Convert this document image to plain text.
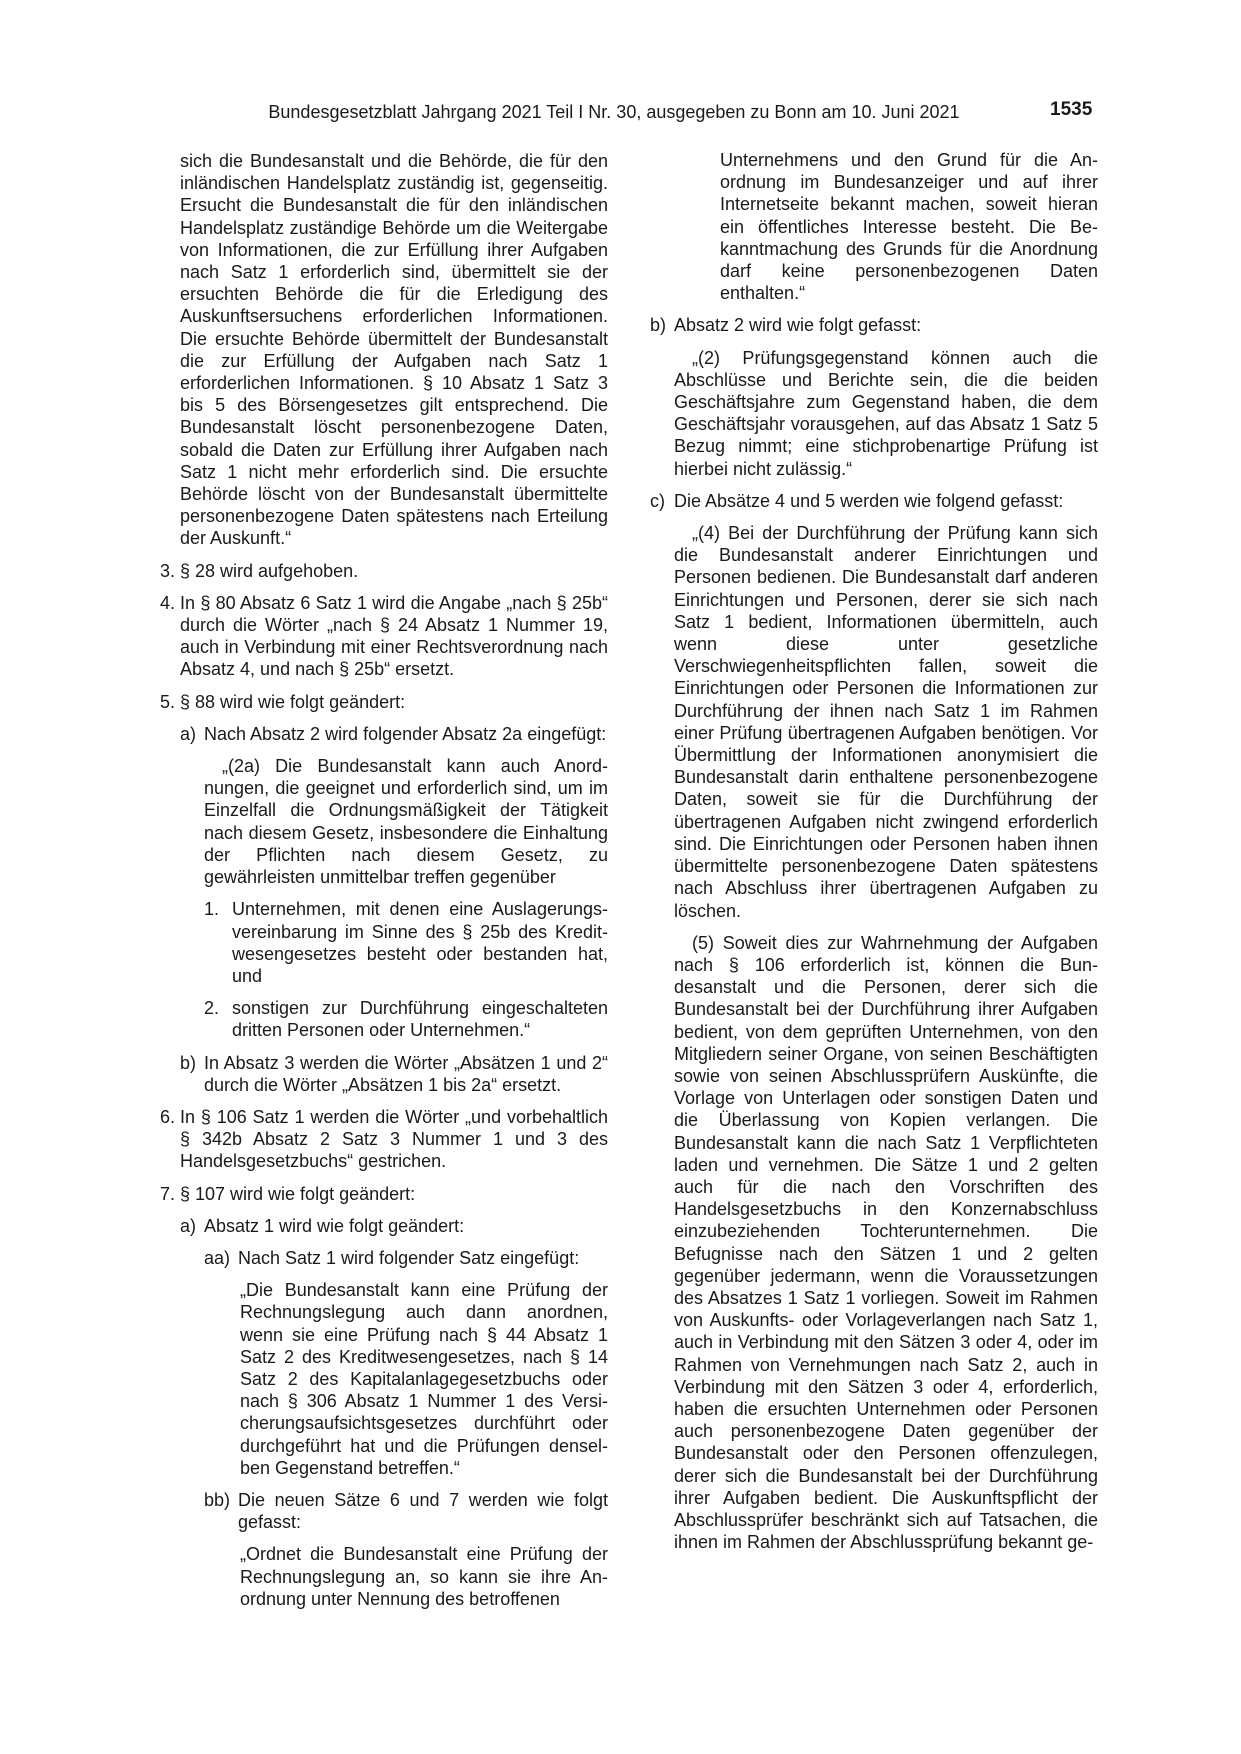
Bundesgesetzblatt Jahrgang 2021 Teil I Nr. 30, ausgegeben zu Bonn am 10. Juni 2021	1535

sich die Bundesanstalt und die Behörde, die für den inländischen Handelsplatz zuständig ist, gegenseitig. Ersucht die Bundesanstalt die für den inländischen Handelsplatz zuständige Behörde um die Weitergabe von Informationen, die zur Erfüllung ihrer Aufgaben nach Satz 1 erforderlich sind, übermittelt sie der ersuchten Behörde die für die Erledigung des Auskunftsersuchens erforderlichen Informationen. Die ersuchte Behörde übermittelt der Bundesanstalt die zur Erfüllung der Aufgaben nach Satz 1 erforderlichen Informationen. § 10 Absatz 1 Satz 3 bis 5 des Börsengesetzes gilt entsprechend. Die Bundesanstalt löscht personenbezogene Daten, sobald die Daten zur Erfüllung ihrer Aufgaben nach Satz 1 nicht mehr erforderlich sind. Die ersuchte Behörde löscht von der Bundesanstalt übermittelte personenbezogene Daten spätestens nach Erteilung der Auskunft.“

3. § 28 wird aufgehoben.
4. In § 80 Absatz 6 Satz 1 wird die Angabe „nach § 25b“ durch die Wörter „nach § 24 Absatz 1 Nummer 19, auch in Verbindung mit einer Rechtsverordnung nach Absatz 4, und nach § 25b“ ersetzt.
5. § 88 wird wie folgt geändert:
a) Nach Absatz 2 wird folgender Absatz 2a eingefügt:

„(2a) Die Bundesanstalt kann auch Anordnungen, die geeignet und erforderlich sind, um im Einzelfall die Ordnungsmäßigkeit der Tätigkeit nach diesem Gesetz, insbesondere die Einhaltung der Pflichten nach diesem Gesetz, zu gewährleisten unmittelbar treffen gegenüber

1. Unternehmen, mit denen eine Auslagerungsvereinbarung im Sinne des § 25b des Kreditwesengesetzes besteht oder bestanden hat, und
2. sonstigen zur Durchführung eingeschalteten dritten Personen oder Unternehmen.“
b) In Absatz 3 werden die Wörter „Absätzen 1 und 2“ durch die Wörter „Absätzen 1 bis 2a“ ersetzt.
6. In § 106 Satz 1 werden die Wörter „und vorbehaltlich § 342b Absatz 2 Satz 3 Nummer 1 und 3 des Handelsgesetzbuchs“ gestrichen.
7. § 107 wird wie folgt geändert:
a) Absatz 1 wird wie folgt geändert:
aa) Nach Satz 1 wird folgender Satz eingefügt:

„Die Bundesanstalt kann eine Prüfung der Rechnungslegung auch dann anordnen, wenn sie eine Prüfung nach § 44 Absatz 1 Satz 2 des Kreditwesengesetzes, nach § 14 Satz 2 des Kapitalanlagegesetzbuchs oder nach § 306 Absatz 1 Nummer 1 des Versicherungsaufsichtsgesetzes durchführt oder durchgeführt hat und die Prüfungen denselben Gegenstand betreffen.“

bb) Die neuen Sätze 6 und 7 werden wie folgt gefasst:

„Ordnet die Bundesanstalt eine Prüfung der Rechnungslegung an, so kann sie ihre Anordnung unter Nennung des betroffenen

Unternehmens und den Grund für die Anordnung im Bundesanzeiger und auf ihrer Internetseite bekannt machen, soweit hieran ein öffentliches Interesse besteht. Die Bekanntmachung des Grunds für die Anordnung darf keine personenbezogenen Daten enthalten.“

b) Absatz 2 wird wie folgt gefasst:

„(2) Prüfungsgegenstand können auch die Abschlüsse und Berichte sein, die die beiden Geschäftsjahre zum Gegenstand haben, die dem Geschäftsjahr vorausgehen, auf das Absatz 1 Satz 5 Bezug nimmt; eine stichprobenartige Prüfung ist hierbei nicht zulässig.“

c) Die Absätze 4 und 5 werden wie folgend gefasst:

„(4) Bei der Durchführung der Prüfung kann sich die Bundesanstalt anderer Einrichtungen und Personen bedienen. Die Bundesanstalt darf anderen Einrichtungen und Personen, derer sie sich nach Satz 1 bedient, Informationen übermitteln, auch wenn diese unter gesetzliche Verschwiegenheitspflichten fallen, soweit die Einrichtungen oder Personen die Informationen zur Durchführung der ihnen nach Satz 1 im Rahmen einer Prüfung übertragenen Aufgaben benötigen. Vor Übermittlung der Informationen anonymisiert die Bundesanstalt darin enthaltene personenbezogene Daten, soweit sie für die Durchführung der übertragenen Aufgaben nicht zwingend erforderlich sind. Die Einrichtungen oder Personen haben ihnen übermittelte personenbezogene Daten spätestens nach Abschluss ihrer übertragenen Aufgaben zu löschen.

(5) Soweit dies zur Wahrnehmung der Aufgaben nach § 106 erforderlich ist, können die Bundesanstalt und die Personen, derer sich die Bundesanstalt bei der Durchführung ihrer Aufgaben bedient, von dem geprüften Unternehmen, von den Mitgliedern seiner Organe, von seinen Beschäftigten sowie von seinen Abschlussprüfern Auskünfte, die Vorlage von Unterlagen oder sonstigen Daten und die Überlassung von Kopien verlangen. Die Bundesanstalt kann die nach Satz 1 Verpflichteten laden und vernehmen. Die Sätze 1 und 2 gelten auch für die nach den Vorschriften des Handelsgesetzbuchs in den Konzernabschluss einzubeziehenden Tochterunternehmen. Die Befugnisse nach den Sätzen 1 und 2 gelten gegenüber jedermann, wenn die Voraussetzungen des Absatzes 1 Satz 1 vorliegen. Soweit im Rahmen von Auskunfts- oder Vorlageverlangen nach Satz 1, auch in Verbindung mit den Sätzen 3 oder 4, oder im Rahmen von Vernehmungen nach Satz 2, auch in Verbindung mit den Sätzen 3 oder 4, erforderlich, haben die ersuchten Unternehmen oder Personen auch personenbezogene Daten gegenüber der Bundesanstalt oder den Personen offenzulegen, derer sich die Bundesanstalt bei der Durchführung ihrer Aufgaben bedient. Die Auskunftspflicht der Abschlussprüfer beschränkt sich auf Tatsachen, die ihnen im Rahmen der Abschlussprüfung bekannt ge-
